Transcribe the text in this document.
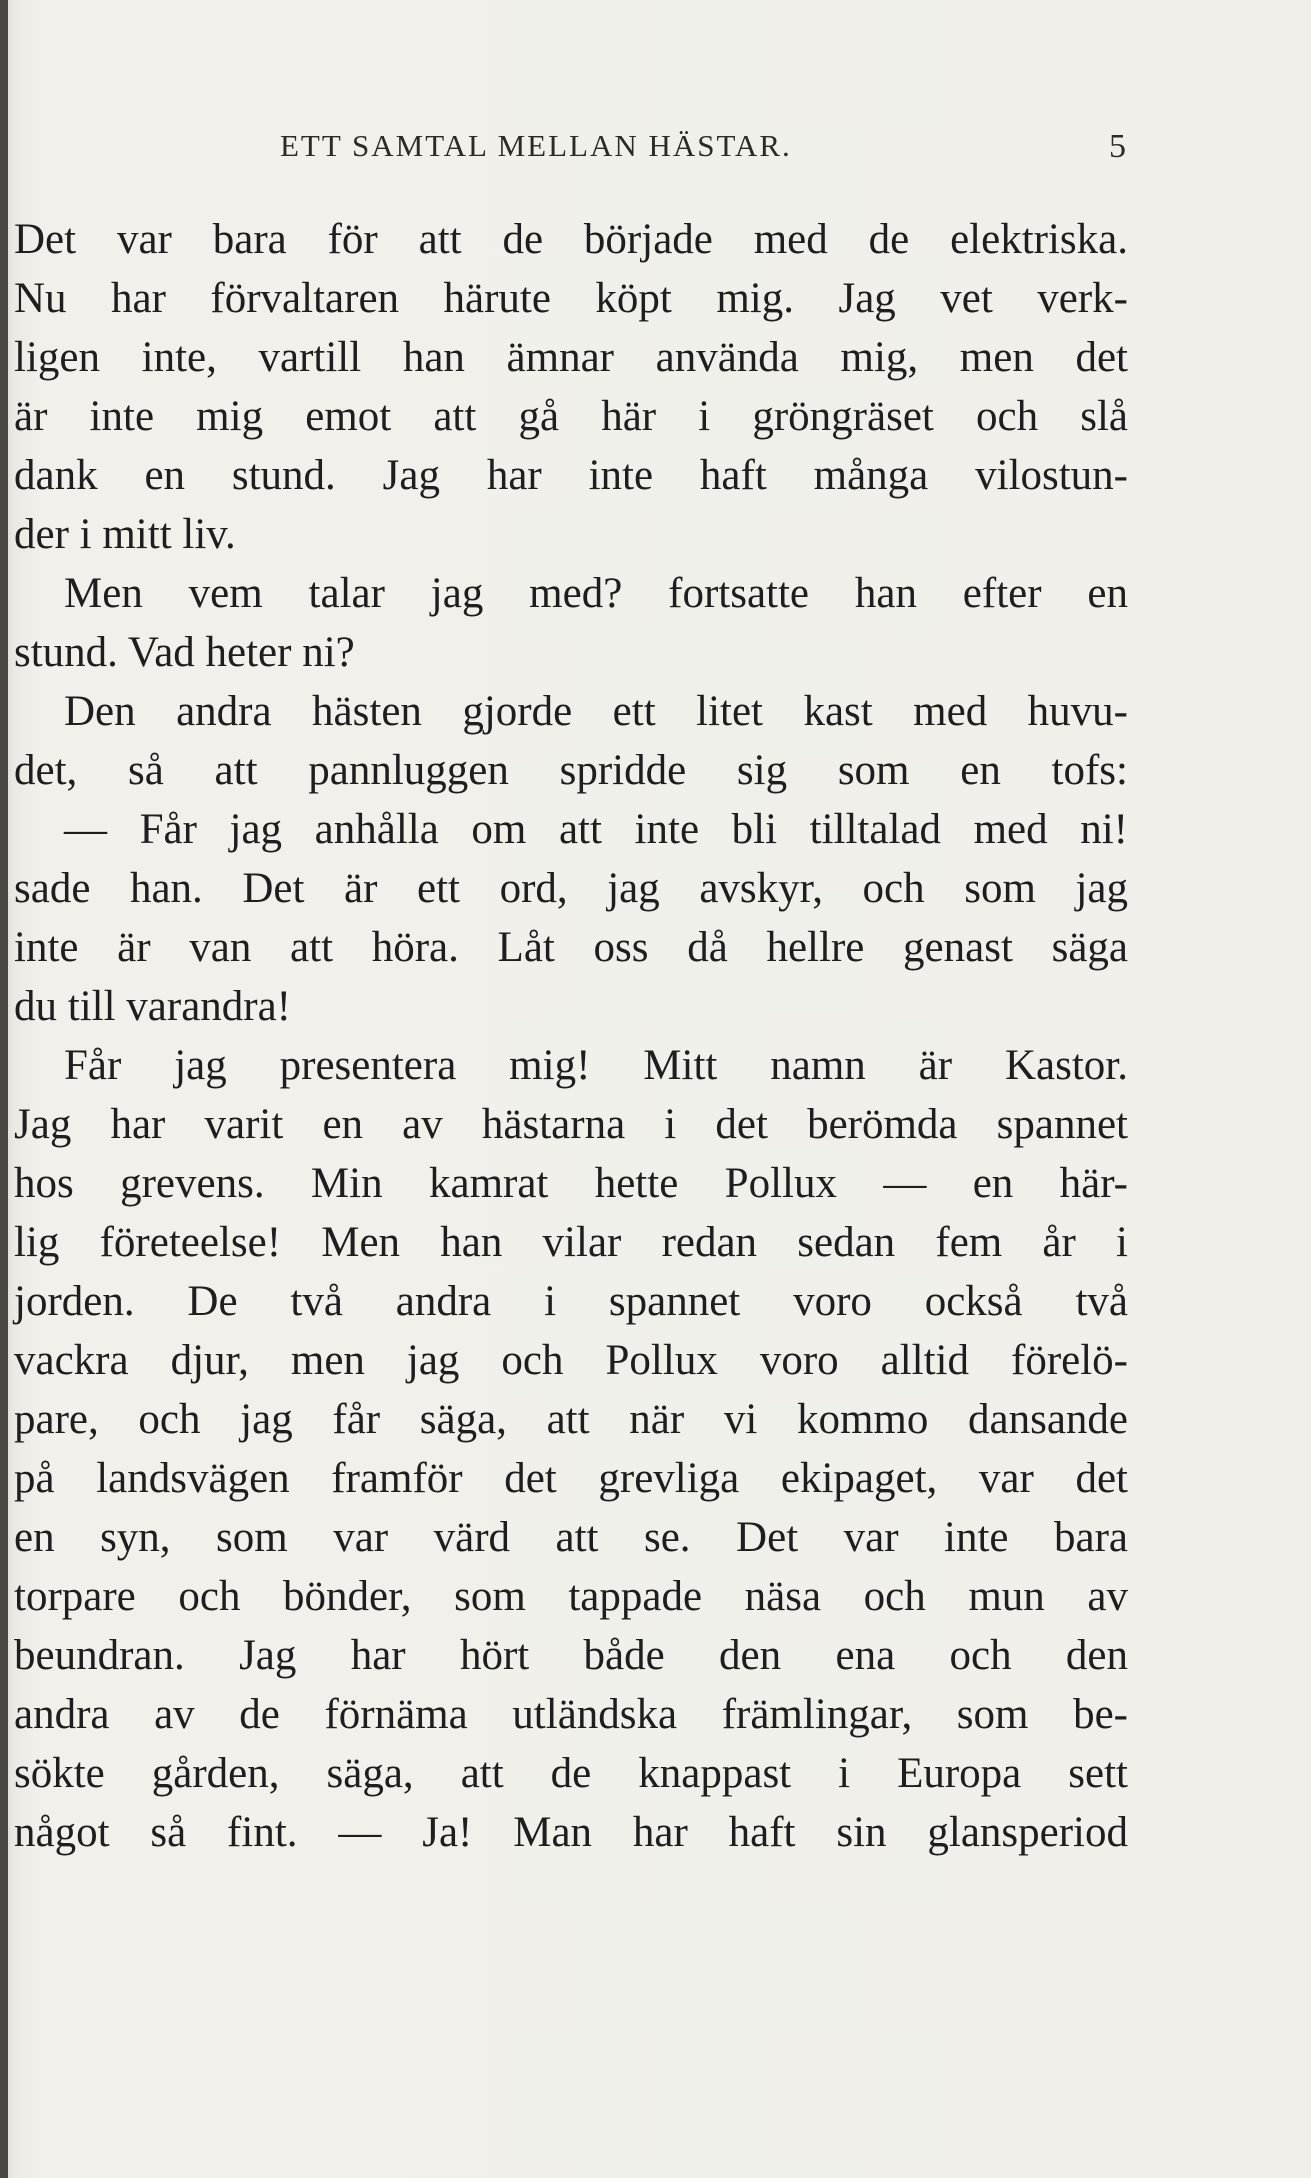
ETT SAMTAL MELLAN HÄSTAR.	5
Det var bara för att de började med de elektriska.
Nu har förvaltaren härute köpt mig. Jag vet verk-
ligen inte, vartill han ämnar använda mig, men det
är inte mig emot att gå här i gröngräset och slå
dank en stund. Jag har inte haft många vilostun-
der i mitt liv.
Men vem talar jag med? fortsatte han efter en
stund. Vad heter ni?
Den andra hästen gjorde ett litet kast med huvu-
det, så att pannluggen spridde sig som en tofs:
— Får jag anhålla om att inte bli tilltalad med ni!
sade han. Det är ett ord, jag avskyr, och som jag
inte är van att höra. Låt oss då hellre genast säga
du till varandra!
Får jag presentera mig! Mitt namn är Kastor.
Jag har varit en av hästarna i det berömda spannet
hos grevens. Min kamrat hette Pollux — en här-
lig företeelse! Men han vilar redan sedan fem år i
jorden. De två andra i spannet voro också två
vackra djur, men jag och Pollux voro alltid förelö-
pare, och jag får säga, att när vi kommo dansande
på landsvägen framför det grevliga ekipaget, var det
en syn, som var värd att se. Det var inte bara
torpare och bönder, som tappade näsa och mun av
beundran. Jag har hört både den ena och den
andra av de förnäma utländska främlingar, som be-
sökte gården, säga, att de knappast i Europa sett
något så fint. — Ja! Man har haft sin glansperiod
